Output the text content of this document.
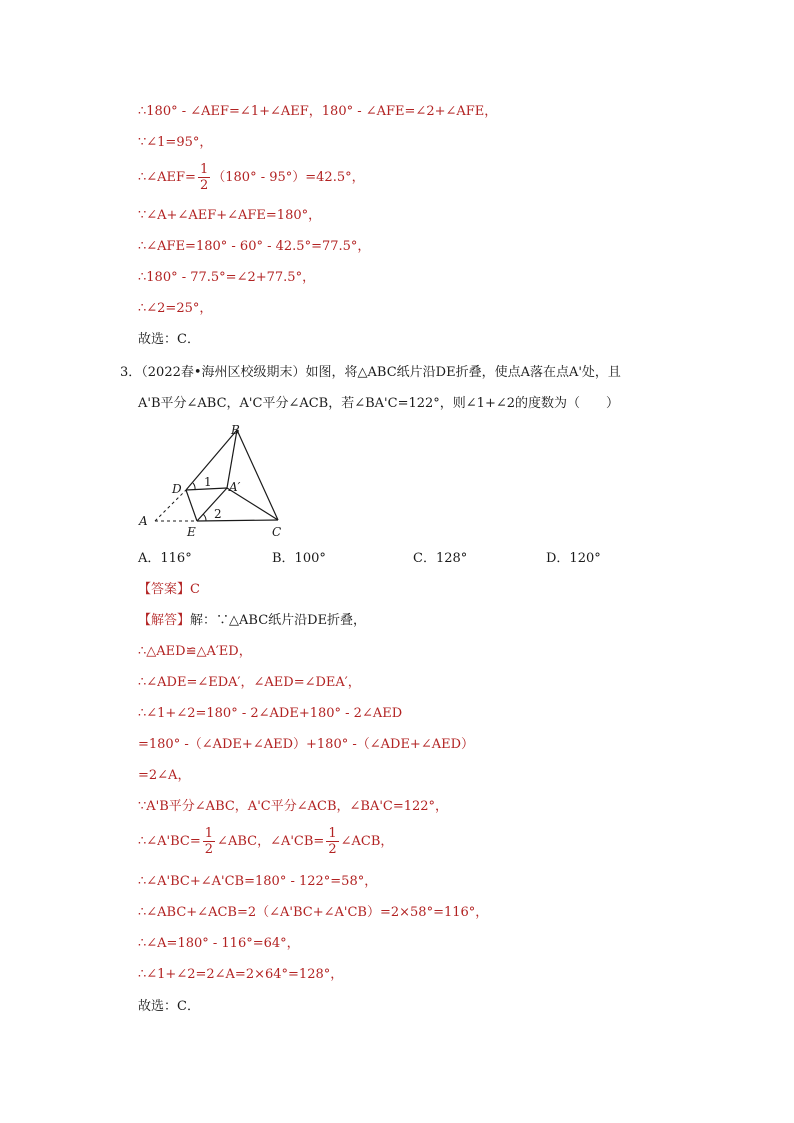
∴180° - ∠AEF=∠1+∠AEF，180° - ∠AFE=∠2+∠AFE，
∵∠1=95°，
∴∠AEF= $\frac{1}{2} (180^\circ - 95^\circ)=42.5^\circ$，
∵∠A+∠AEF+∠AFE=180°，
∴∠AFE=180° - 60° - 42.5°=77.5°，
∴180° - 77.5°=∠2+77.5°，
∴∠2=25°，
故选：C．
3．（2022春•海州区校级期末）如图，将△ABC纸片沿DE折叠，使点A落在点A'处，且
A'B平分∠ABC，A'C平分∠ACB，若∠BA'C=122°，则∠1+∠2的度数为（　　）
B
D	A′
1
2
A
E	C
A．116°	B．100°	C．128°	D．120°
【答案】C
【解答】解：∵△ABC纸片沿DE折叠，
∴△AED≌△A′ED，
∴∠ADE=∠EDA′，∠AED=∠DEA′，
∴∠1+∠2=180° - 2∠ADE+180° - 2∠AED
=180° -（∠ADE+∠AED）+180° -（∠ADE+∠AED）
=2∠A，
∵A'B平分∠ABC，A'C平分∠ACB，∠BA'C=122°，
∴∠A'BC= $\frac{1}{2}$ ∠ABC，∠A'CB= $\frac{1}{2}$ ∠ACB，
∴∠A'BC+∠A'CB=180° - 122°=58°，
∴∠ABC+∠ACB=2（∠A'BC+∠A'CB）=2×58°=116°，
∴∠A=180° - 116°=64°，
∴∠1+∠2=2∠A=2×64°=128°，
故选：C．
